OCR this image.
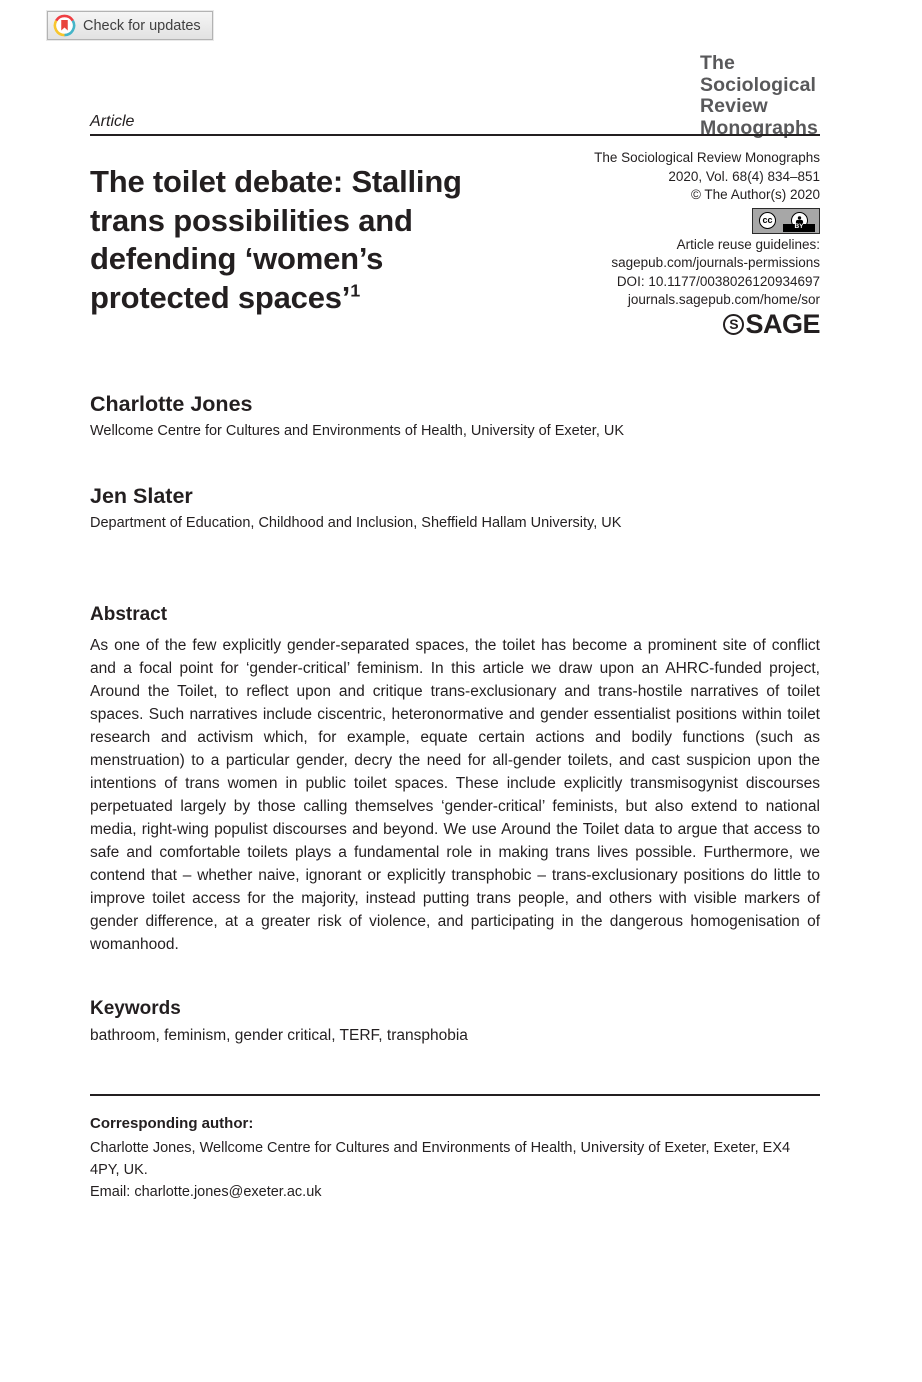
Check for updates
The
Sociological
Review
Monographs
Article
The toilet debate: Stalling
trans possibilities and
defending ‘women’s
protected spaces’$^1$
The Sociological Review Monographs
2020, Vol. 68(4) 834–851
© The Author(s) 2020
cc
BY
Article reuse guidelines:
sagepub.com/journals-permissions
DOI: 10.1177/0038026120934697
journals.sagepub.com/home/sor
S SAGE
Charlotte Jones
Wellcome Centre for Cultures and Environments of Health, University of Exeter, UK
Jen Slater
Department of Education, Childhood and Inclusion, Sheffield Hallam University, UK
Abstract

As one of the few explicitly gender-separated spaces, the toilet has become a prominent site of conflict and a focal point for ‘gender-critical’ feminism. In this article we draw upon an AHRC-funded project, Around the Toilet, to reflect upon and critique trans-exclusionary and trans-hostile narratives of toilet spaces. Such narratives include ciscentric, heteronormative and gender essentialist positions within toilet research and activism which, for example, equate certain actions and bodily functions (such as menstruation) to a particular gender, decry the need for all-gender toilets, and cast suspicion upon the intentions of trans women in public toilet spaces. These include explicitly transmisogynist discourses perpetuated largely by those calling themselves ‘gender-critical’ feminists, but also extend to national media, right-wing populist discourses and beyond. We use Around the Toilet data to argue that access to safe and comfortable toilets plays a fundamental role in making trans lives possible. Furthermore, we contend that – whether naive, ignorant or explicitly transphobic – trans-exclusionary positions do little to improve toilet access for the majority, instead putting trans people, and others with visible markers of gender difference, at a greater risk of violence, and participating in the dangerous homogenisation of womanhood.

Keywords
bathroom, feminism, gender critical, TERF, transphobia
Corresponding author:
Charlotte Jones, Wellcome Centre for Cultures and Environments of Health, University of Exeter, Exeter, EX4 4PY, UK.
Email: charlotte.jones@exeter.ac.uk
